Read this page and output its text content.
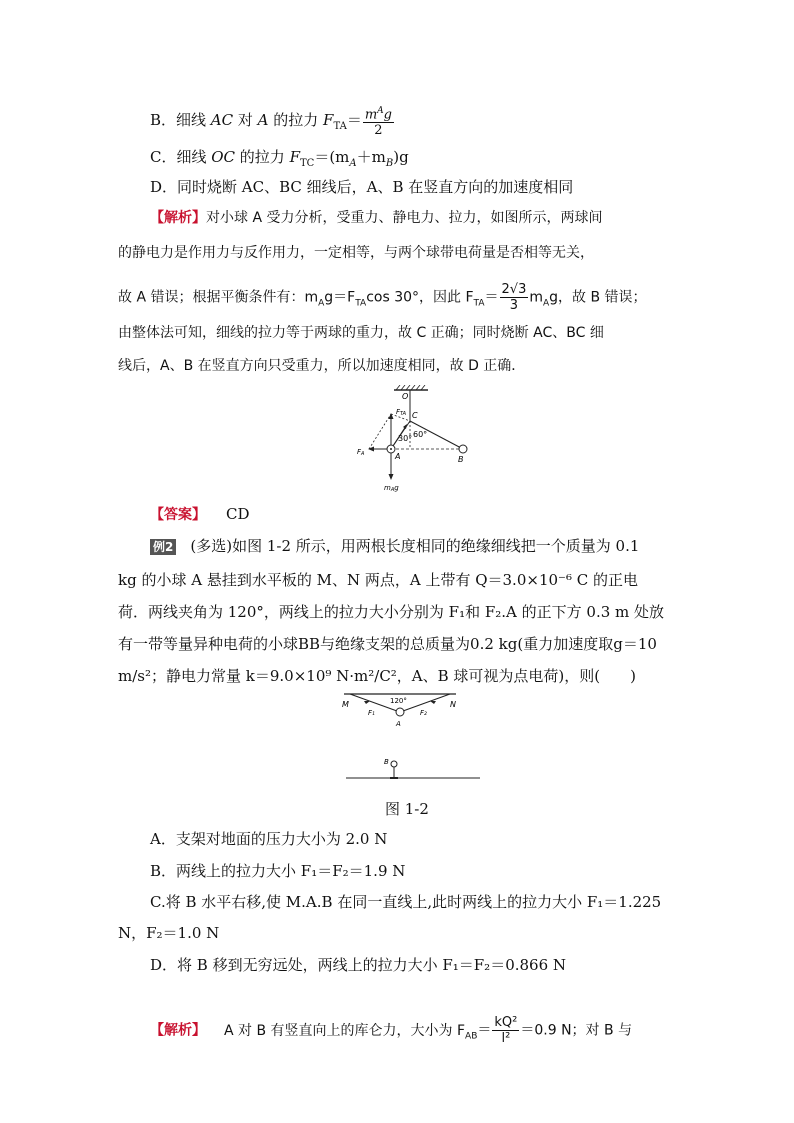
B．细线 AC 对 A 的拉力 $F_{TA}= \frac{m^Ag}{2}$
C．细线 OC 的拉力 $F_{TC}=(m_A+m_B)g$
D．同时烧断 AC、BC 细线后，A、B 在竖直方向的加速度相同
【解析】对小球 A 受力分析，受重力、静电力、拉力，如图所示，两球间
的静电力是作用力与反作用力，一定相等，与两个球带电荷量是否相等无关，
故 A 错误；根据平衡条件有：$m_Ag=F_{TA}\cos$ 30°，因此 $F_{TA}= \frac{2√3}{3} m_Ag$，故 B 错误；
由整体法可知，细线的拉力等于两球的重力，故 C 正确；同时烧断 AC、BC 细
线后，A、B 在竖直方向只受重力，所以加速度相同，故 D 正确．
O
C
FTA
30° 60°
FA	A	B
mAg
【答案】 CD
例2 (多选)如图 1-2 所示，用两根长度相同的绝缘细线把一个质量为 0.1
kg 的小球 A 悬挂到水平板的 M、N 两点，A 上带有 Q＝3.0×10⁻⁶ C 的正电
荷．两线夹角为 120°，两线上的拉力大小分别为 F₁和 F₂.A 的正下方 0.3 m 处放
有一带等量异种电荷的小球BB与绝缘支架的总质量为0.2 kg(重力加速度取g＝10
m/s²；静电力常量 k＝9.0×10⁹ N·m²/C²，A、B 球可视为点电荷)，则(　　)
M	N
120°
F₁	F₂
A
B
图 1-2
A．支架对地面的压力大小为 2.0 N
B．两线上的拉力大小 F₁＝F₂＝1.9 N
C.将 B 水平右移,使 M.A.B 在同一直线上,此时两线上的拉力大小 F₁＝1.225
N，F₂＝1.0 N
D．将 B 移到无穷远处，两线上的拉力大小 F₁＝F₂＝0.866 N
【解析】 A 对 B 有竖直向上的库仑力，大小为 $F_{AB}= \frac{\text{kQ²}}{\text{l²}} =0.9$ N；对 B 与
